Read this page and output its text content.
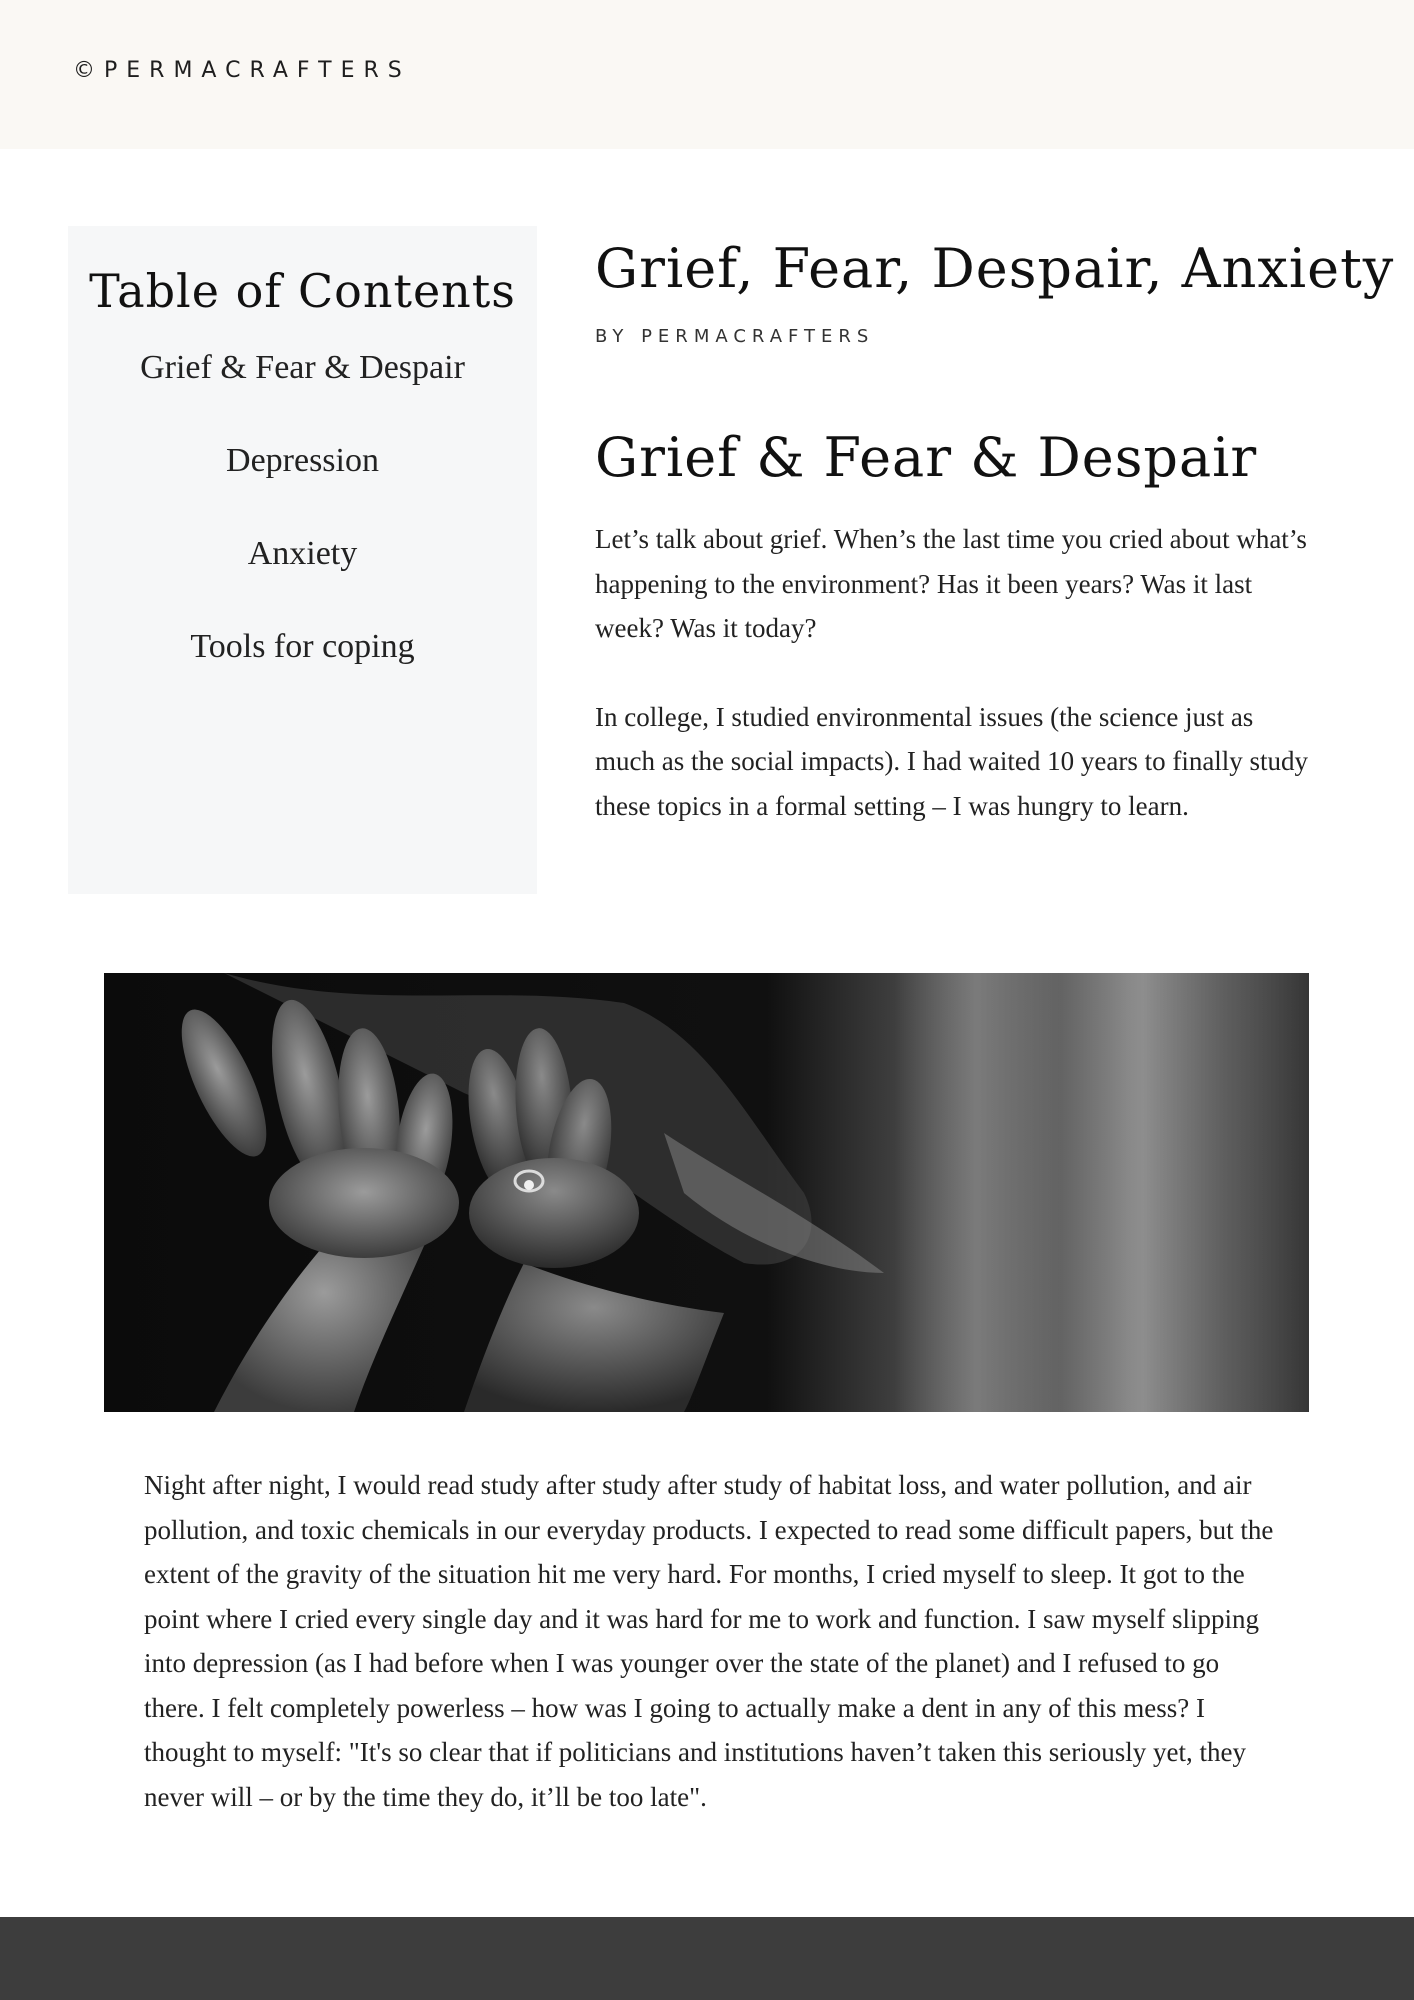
©PERMACRAFTERS
Table of Contents
Grief & Fear & Despair
Depression
Anxiety
Tools for coping
Grief, Fear, Despair, Anxiety
BY PERMACRAFTERS
Grief & Fear & Despair

Let’s talk about grief. When’s the last time you cried about what’s happening to the environment? Has it been years? Was it last week? Was it today?

In college, I studied environmental issues (the science just as much as the social impacts). I had waited 10 years to finally study these topics in a formal setting – I was hungry to learn.

Night after night, I would read study after study after study of habitat loss, and water pollution, and air pollution, and toxic chemicals in our everyday products. I expected to read some difficult papers, but the extent of the gravity of the situation hit me very hard. For months, I cried myself to sleep. It got to the point where I cried every single day and it was hard for me to work and function. I saw myself slipping into depression (as I had before when I was younger over the state of the planet) and I refused to go there. I felt completely powerless – how was I going to actually make a dent in any of this mess? I thought to myself: "It's so clear that if politicians and institutions haven’t taken this seriously yet, they never will – or by the time they do, it’ll be too late".
